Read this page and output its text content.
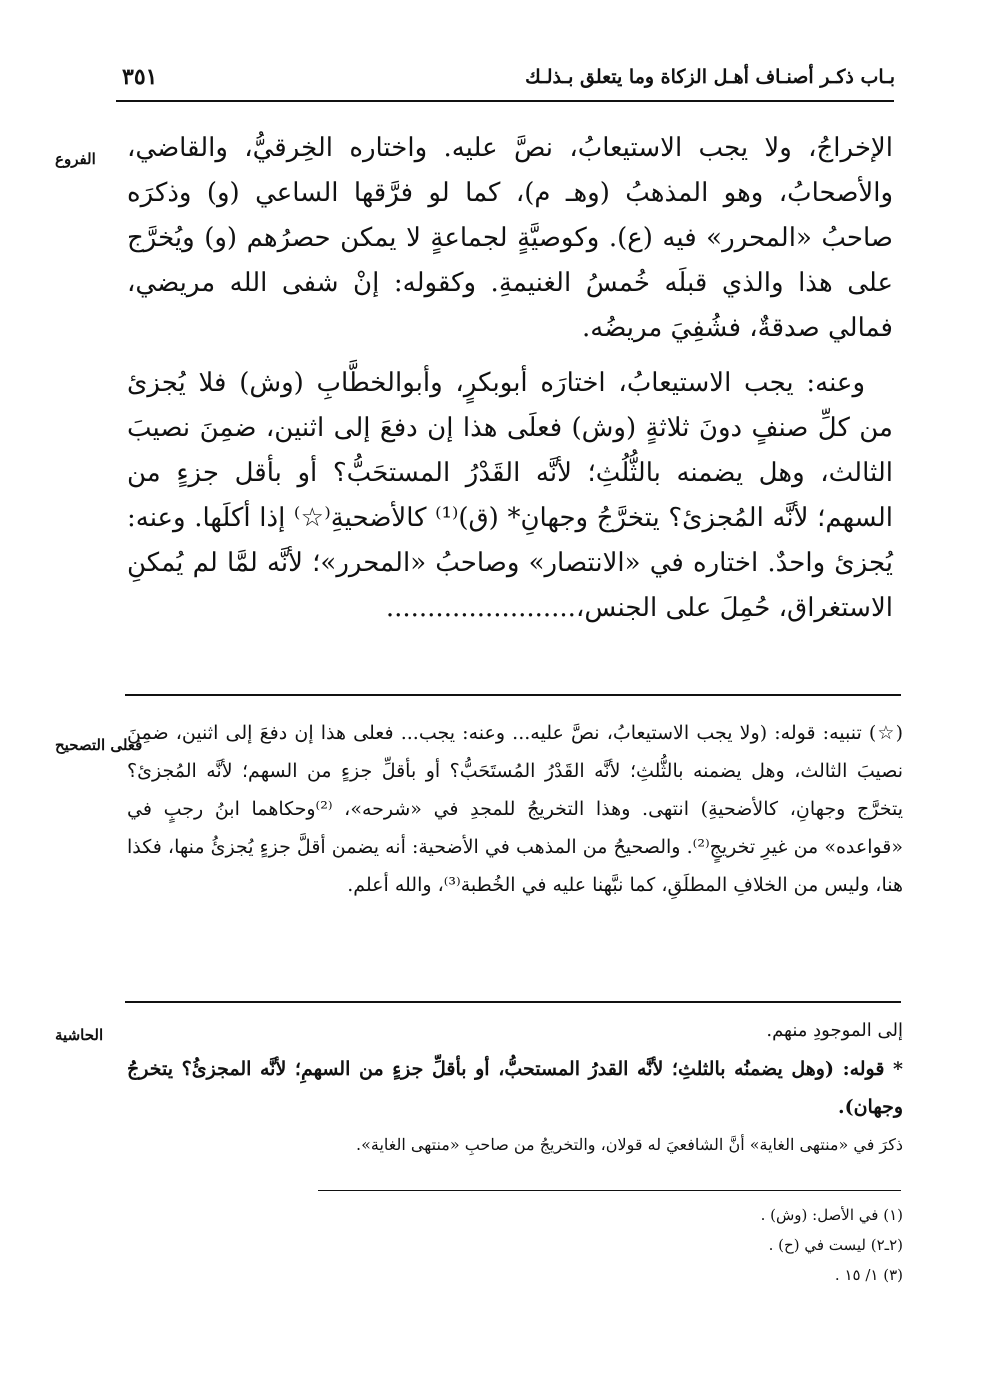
بـاب ذكـر أصنـاف أهـل الزكاة وما يتعلق بـذلـك
٣٥١
الفروع
فعلى التصحيح
الحاشية

الإخراجُ، ولا يجب الاستيعابُ، نصَّ عليه. واختاره الخِرقيُّ، والقاضي، والأصحابُ، وهو المذهبُ (وهـ م)، كما لو فرَّقها الساعي (و) وذكرَه صاحبُ «المحرر» فيه (ع). وكوصيَّةٍ لجماعةٍ لا يمكن حصرُهم (و) ويُخرَّج على هذا والذي قبلَه خُمسُ الغنيمةِ. وكقوله: إنْ شفى الله مريضي، فمالي صدقةٌ، فشُفِيَ مريضُه.

وعنه: يجب الاستيعابُ، اختارَه أبوبكرٍ، وأبوالخطَّابِ (وش) فلا يُجزئ من كلِّ صنفٍ دونَ ثلاثةٍ (وش) فعلَى هذا إن دفعَ إلى اثنين، ضمِنَ نصيبَ الثالث، وهل يضمنه بالثُّلُثِ؛ لأنَّه القَدْرُ المستحَبُّ؟ أو بأقل جزءٍ من السهم؛ لأنَّه المُجزئ؟ يتخرَّجُ وجهانِ* (ق)⁽¹⁾ كالأضحيةِ⁽☆⁾ إذا أكلَها. وعنه: يُجزئ واحدٌ. اختاره في «الانتصار» وصاحبُ «المحرر»؛ لأنَّه لمَّا لم يُمكنِ الاستغراق، حُمِلَ على الجنس،.......................

(☆) تنبيه: قوله: (ولا يجب الاستيعابُ، نصَّ عليه... وعنه: يجب... فعلى هذا إن دفعَ إلى اثنين، ضمِنَ نصيبَ الثالث، وهل يضمنه بالثُّلثِ؛ لأنَّه القَدْرُ المُستَحَبُّ؟ أو بأقلِّ جزءٍ من السهم؛ لأنَّه المُجزئ؟ يتخرَّج وجهانِ، كالأضحيةِ) انتهى. وهذا التخريجُ للمجدِ في «شرحه»، ⁽²⁾وحكاهما ابنُ رجبٍ في «قواعده» من غيرِ تخريجٍ⁽²⁾. والصحيحُ من المذهب في الأضحية: أنه يضمن أقلَّ جزءٍ يُجزئُ منها، فكذا هنا، وليس من الخلافِ المطلَقِ، كما نبَّهنا عليه في الخُطبة⁽³⁾، والله أعلم.

إلى الموجودِ منهم.

* قوله: (وهل يضمنُه بالثلثِ؛ لأنَّه القدرُ المستحبُّ، أو بأقلِّ جزءٍ من السهمِ؛ لأنَّه المجزئُ؟ يتخرجُ وجهان).

ذكرَ في «منتهى الغاية» أنَّ الشافعيَ له قولان، والتخريجُ من صاحبِ «منتهى الغاية».

(١) في الأصل: (وش) .
(٢ـ٢) ليست في (ح) .
(٣) ١/ ١٥ .
